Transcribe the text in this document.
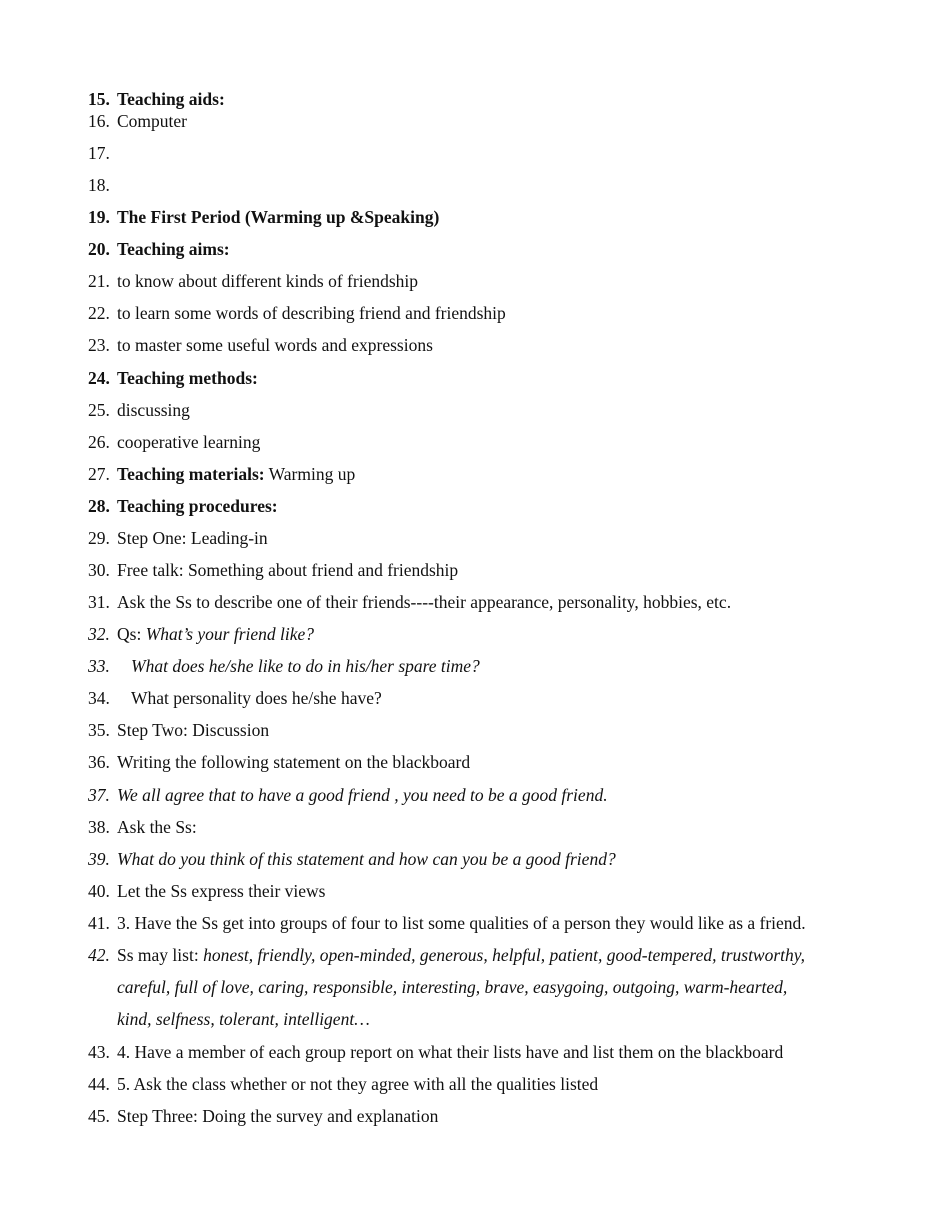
15. Teaching aids:
16. Computer
17.
18.
19. The First Period (Warming up &Speaking)
20. Teaching aims:
21. to know about different kinds of friendship
22. to learn some words of describing friend and friendship
23. to master some useful words and expressions
24. Teaching methods:
25. discussing
26. cooperative learning
27. Teaching materials: Warming up
28. Teaching procedures:
29. Step One: Leading-in
30. Free talk: Something about friend and friendship
31. Ask the Ss to describe one of their friends----their appearance, personality, hobbies, etc.
32. Qs: What’s your friend like?
33. What does he/she like to do in his/her spare time?
34. What personality does he/she have?
35. Step Two: Discussion
36. Writing the following statement on the blackboard
37. We all agree that to have a good friend , you need to be a good friend.
38. Ask the Ss:
39. What do you think of this statement and how can you be a good friend?
40. Let the Ss express their views
41. 3. Have the Ss get into groups of four to list some qualities of a person they would like as a friend.
42. Ss may list: honest, friendly, open-minded, generous, helpful, patient, good-tempered, trustworthy,
careful, full of love, caring, responsible, interesting, brave, easygoing, outgoing, warm-hearted,
kind, selfness, tolerant, intelligent…
43. 4. Have a member of each group report on what their lists have and list them on the blackboard
44. 5. Ask the class whether or not they agree with all the qualities listed
45. Step Three: Doing the survey and explanation
